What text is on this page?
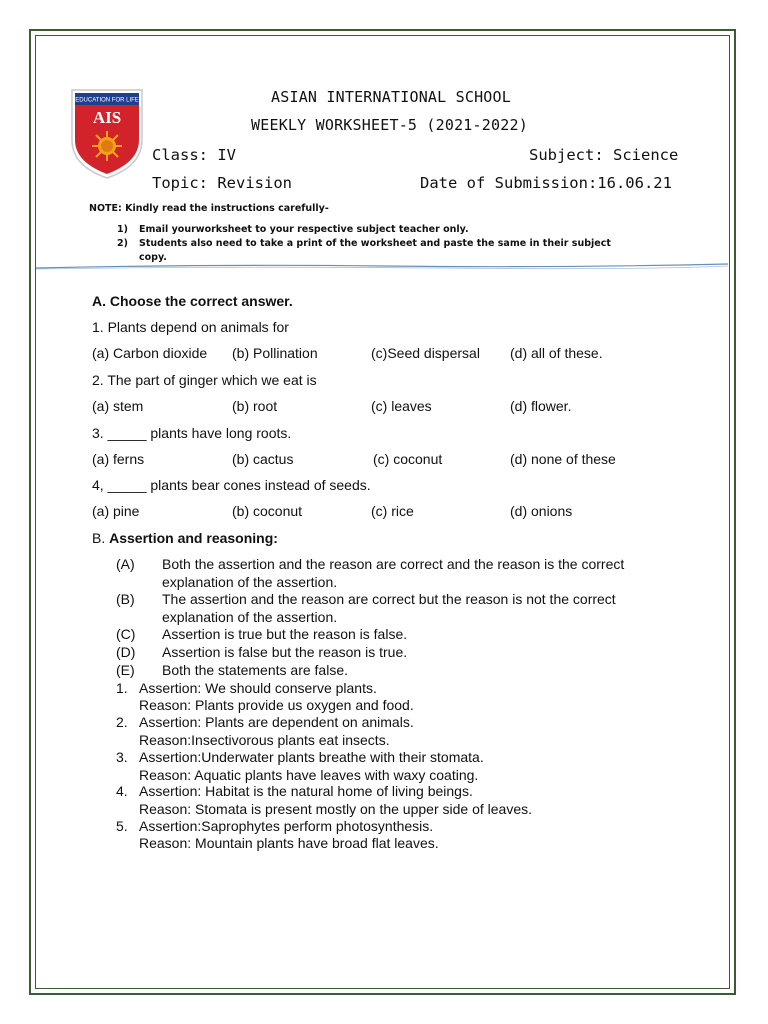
EDUCATION FOR LIFE
AIS
ASIAN INTERNATIONAL SCHOOL
WEEKLY WORKSHEET-5 (2021-2022)
Class: IV	Subject: Science
Topic: Revision	Date of Submission:16.06.21
NOTE: Kindly read the instructions carefully-
1) Email yourworksheet to your respective subject teacher only.
2) Students also need to take a print of the worksheet and paste the same in their subject
copy.
A. Choose the correct answer.
1. Plants depend on animals for
(a) Carbon dioxide (b) Pollination	(c)Seed dispersal (d) all of these.
2. The part of ginger which we eat is
(a) stem	(b) root	(c) leaves	(d) flower.
3. _____ plants have long roots.
(a) ferns	(b) cactus	(c) coconut	(d) none of these
4, _____ plants bear cones instead of seeds.
(a) pine	(b) coconut	(c) rice	(d) onions
B. Assertion and reasoning:
(A) Both the assertion and the reason are correct and the reason is the correct
explanation of the assertion.
(B) The assertion and the reason are correct but the reason is not the correct
explanation of the assertion.
(C) Assertion is true but the reason is false.
(D) Assertion is false but the reason is true.
(E) Both the statements are false.
1. Assertion: We should conserve plants.
Reason: Plants provide us oxygen and food.
2. Assertion: Plants are dependent on animals.
Reason:Insectivorous plants eat insects.
3. Assertion:Underwater plants breathe with their stomata.
Reason: Aquatic plants have leaves with waxy coating.
4. Assertion: Habitat is the natural home of living beings.
Reason: Stomata is present mostly on the upper side of leaves.
5. Assertion:Saprophytes perform photosynthesis.
Reason: Mountain plants have broad flat leaves.
